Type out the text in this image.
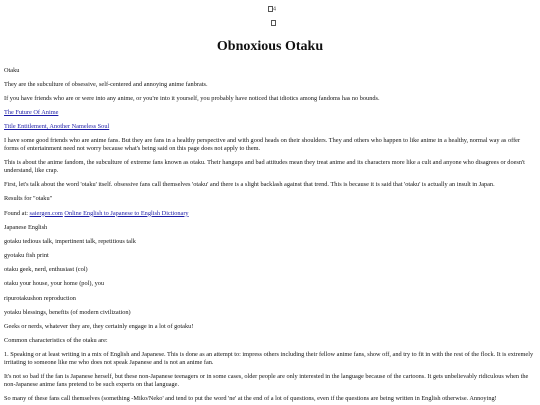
4
Obnoxious Otaku

Otaku

They are the subculture of obsessive, self-centered and annoying anime fanbrats.

If you have friends who are or were into any anime, or you're into it yourself, you probably have noticed that idiotics among fandoms has no bounds.

The Future Of Anime

Title Entitlement, Another Nameless Soul

I have some good friends who are anime fans. But they are fans in a healthy perspective and with good heads on their shoulders. They and others who happen to like anime in a healthy, normal way as offer forms of entertainment need not worry because what's being said on this page does not apply to them.

This is about the anime fandom, the subculture of extreme fans known as otaku. Their hangups and bad attitudes mean they treat anime and its characters more like a cult and anyone who disagrees or doesn't understand, like crap.

First, let's talk about the word 'otaku' itself. obsessive fans call themselves 'otaku' and there is a slight backlash against that trend. This is because it is said that 'otaku' is actually an insult in Japan.

Results for "otaku"

Found at: saiergen.com Online English to Japanese to English Dictionary

Japanese English

gotaku tedious talk, impertinent talk, repetitious talk

gyotaku fish print

otaku geek, nerd, enthusiast (col)

otaku your house, your home (pol), you

ripurotakushon reproduction

yotaku blessings, benefits (of modern civilization)

Geeks or nerds, whatever they are, they certainly engage in a lot of gotaku!

Common characteristics of the otaku are:

1. Speaking or at least writing in a mix of English and Japanese. This is done as an attempt to: impress others including their fellow anime fans, show off, and try to fit in with the rest of the flock. It is extremely irritating to someone like me who does not speak Japanese and is not an anime fan.

It's not so bad if the fan is Japanese herself, but these non-Japanese teenagers or in some cases, older people are only interested in the language because of the cartoons. It gets unbelievably ridiculous when the non-Japanese anime fans pretend to be such experts on that language.

So many of these fans call themselves (something -Miko/Neko' and tend to put the word 'ne' at the end of a lot of questions, even if the questions are being written in English otherwise. Annoying!
